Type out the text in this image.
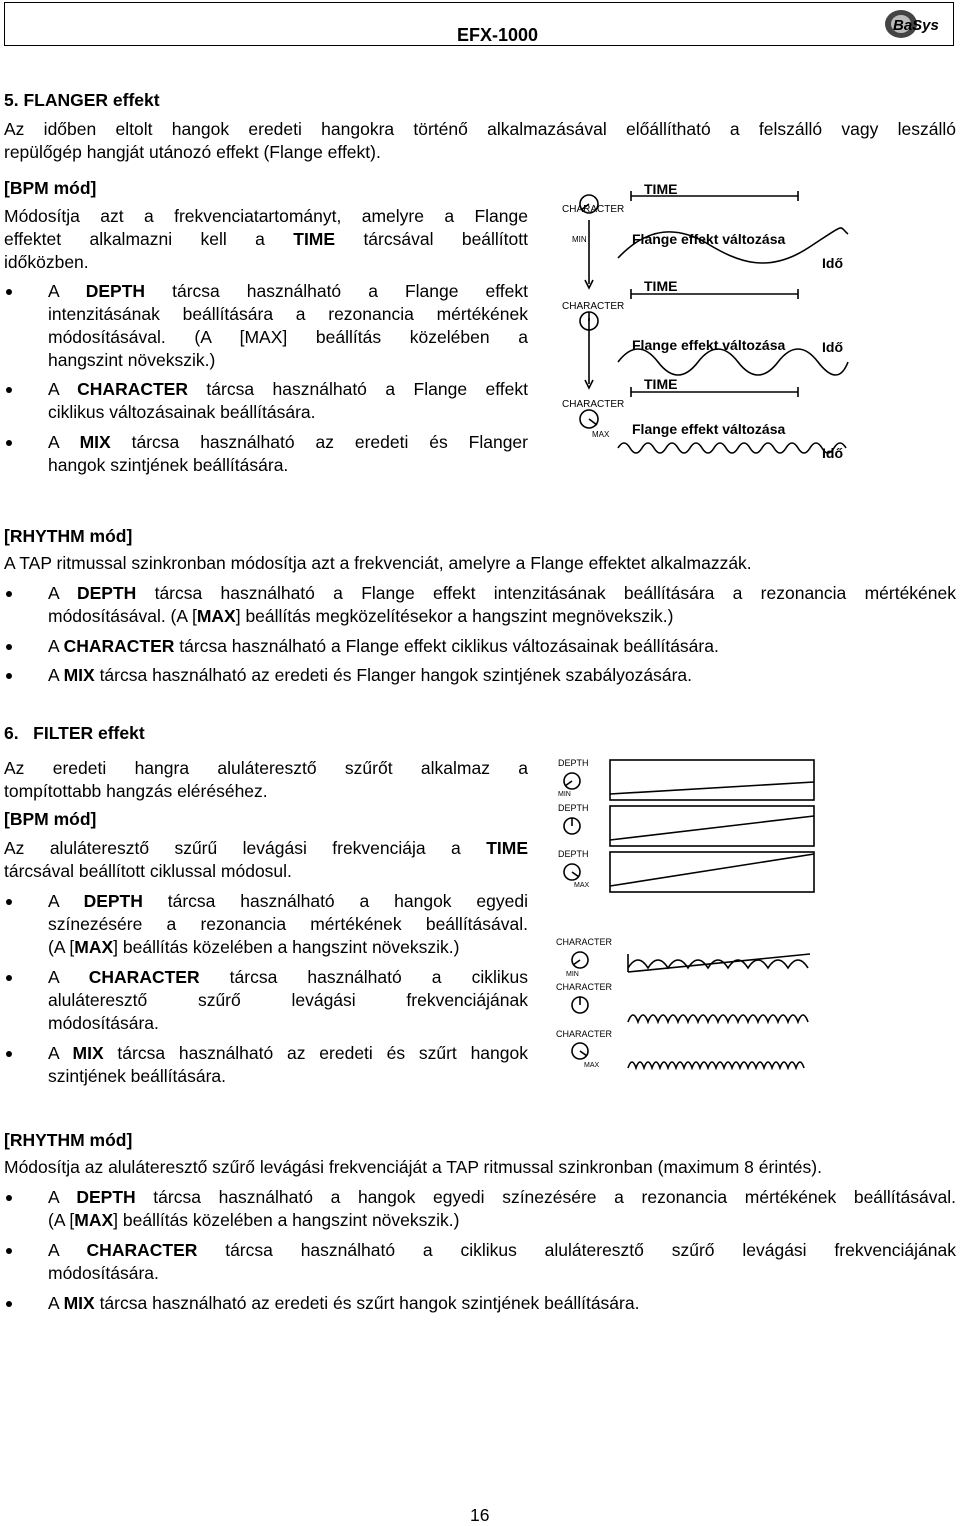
EFX-1000	BaSys
5. FLANGER effekt
Az időben eltolt hangok eredeti hangokra történő alkalmazásával előállítható a felszálló vagy leszálló
repülőgép hangját utánozó effekt (Flange effekt).
[BPM mód]
Módosítja azt a frekvenciatartományt, amelyre a Flange
effektet alkalmazni kell a TIME tárcsával beállított
időközben.
A DEPTH tárcsa használható a Flange effekt
intenzitásának beállítására a rezonancia mértékének
módosításával. (A [MAX] beállítás közelében a
hangszint növekszik.)
A CHARACTER tárcsa használható a Flange effekt
ciklikus változásainak beállítására.
A MIX tárcsa használható az eredeti és Flanger
hangok szintjének beállítására.
CHARACTER
MIN
CHARACTER
CHARACTER
MAX
TIME
TIME
TIME
Flange effekt változása
Flange effekt változása
Flange effekt változása
Idő
Idő
Idő
[RHYTHM mód]
A TAP ritmussal szinkronban módosítja azt a frekvenciát, amelyre a Flange effektet alkalmazzák.
A DEPTH tárcsa használható a Flange effekt intenzitásának beállítására a rezonancia mértékének
módosításával. (A [MAX] beállítás megközelítésekor a hangszint megnövekszik.)
A CHARACTER tárcsa használható a Flange effekt ciklikus változásainak beállítására.
A MIX tárcsa használható az eredeti és Flanger hangok szintjének szabályozására.
6.   FILTER effekt
Az eredeti hangra aluláteresztő szűrőt alkalmaz a
tompítottabb hangzás eléréséhez.
[BPM mód]
Az aluláteresztő szűrű levágási frekvenciája a TIME
tárcsával beállított ciklussal módosul.
A DEPTH tárcsa használható a hangok egyedi
színezésére a rezonancia mértékének beállításával.
(A [MAX] beállítás közelében a hangszint növekszik.)
A CHARACTER tárcsa használható a ciklikus
aluláteresztő szűrő levágási frekvenciájának
módosítására.
A MIX tárcsa használható az eredeti és szűrt hangok
szintjének beállítására.
DEPTH
MIN
DEPTH
DEPTH
MAX
CHARACTER
MIN
CHARACTER
CHARACTER
MAX
[RHYTHM mód]
Módosítja az aluláteresztő szűrő levágási frekvenciáját a TAP ritmussal szinkronban (maximum 8 érintés).
A DEPTH tárcsa használható a hangok egyedi színezésére a rezonancia mértékének beállításával.
(A [MAX] beállítás közelében a hangszint növekszik.)
A CHARACTER tárcsa használható a ciklikus aluláteresztő szűrő levágási frekvenciájának
módosítására.
A MIX tárcsa használható az eredeti és szűrt hangok szintjének beállítására.
16
